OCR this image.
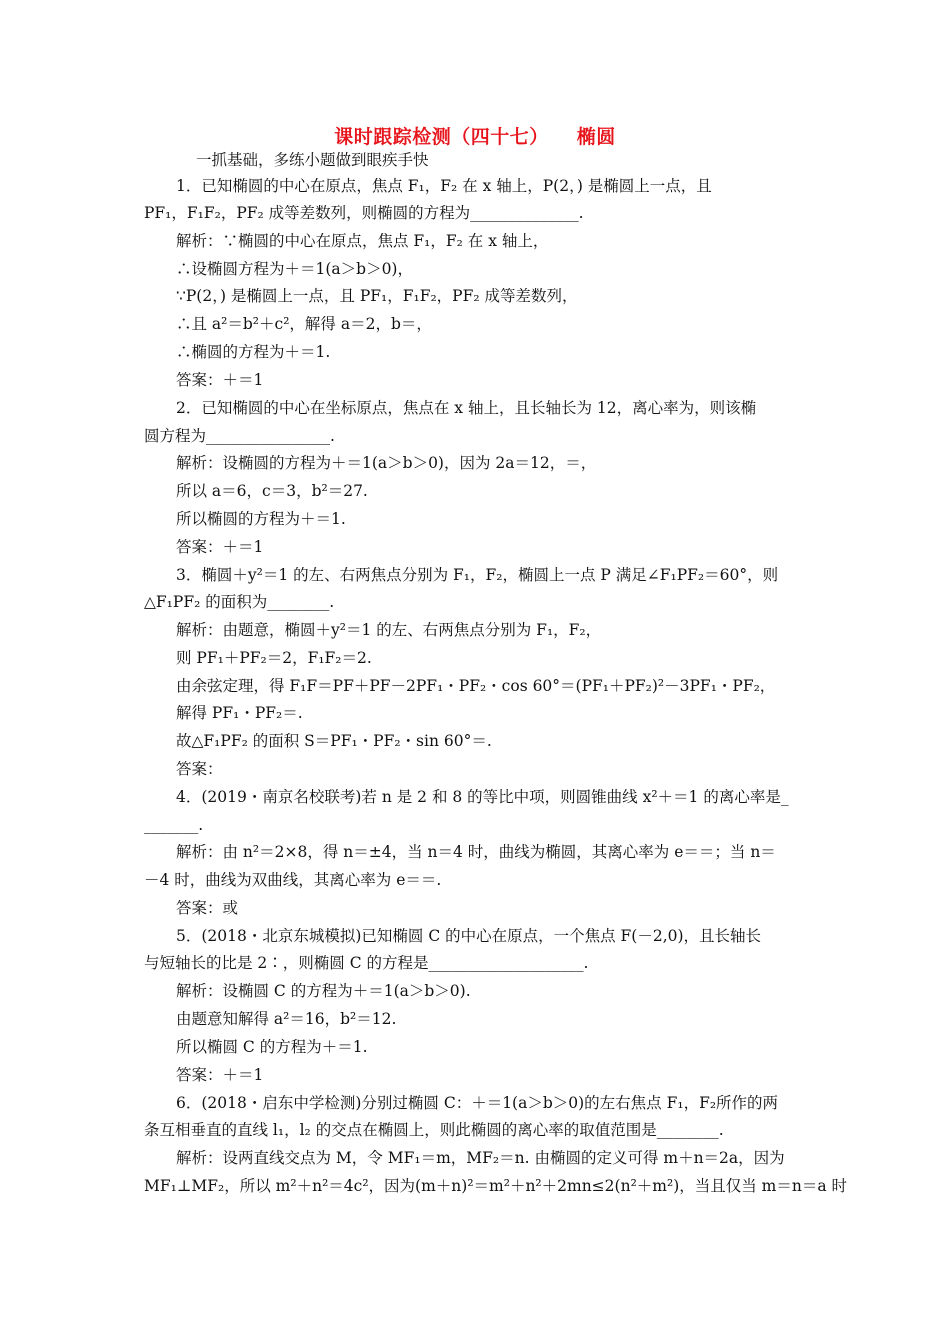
课时跟踪检测（四十七） 椭圆
一抓基础，多练小题做到眼疾手快
1．已知椭圆的中心在原点，焦点 F₁，F₂ 在 x 轴上，P(2，) 是椭圆上一点，且
PF₁，F₁F₂，PF₂ 成等差数列，则椭圆的方程为______________.
解析：∵椭圆的中心在原点，焦点 F₁，F₂ 在 x 轴上，
∴设椭圆方程为＋＝1(a＞b＞0)，
∵P(2，) 是椭圆上一点，且 PF₁，F₁F₂，PF₂ 成等差数列，
∴且 a²＝b²＋c²，解得 a＝2，b＝，
∴椭圆的方程为＋＝1.
答案：＋＝1
2．已知椭圆的中心在坐标原点，焦点在 x 轴上，且长轴长为 12，离心率为，则该椭
圆方程为________________.
解析：设椭圆的方程为＋＝1(a＞b＞0)，因为 2a＝12，＝，
所以 a＝6，c＝3，b²＝27.
所以椭圆的方程为＋＝1.
答案：＋＝1
3．椭圆＋y²＝1 的左、右两焦点分别为 F₁，F₂，椭圆上一点 P 满足∠F₁PF₂＝60°，则
△F₁PF₂ 的面积为________.
解析：由题意，椭圆＋y²＝1 的左、右两焦点分别为 F₁，F₂，
则 PF₁＋PF₂＝2，F₁F₂＝2.
由余弦定理，得 F₁F＝PF＋PF－2PF₁・PF₂・cos 60°＝(PF₁＋PF₂)²－3PF₁・PF₂，
解得 PF₁・PF₂＝.
故△F₁PF₂ 的面积 S＝PF₁・PF₂・sin 60°＝.
答案：
4．(2019・南京名校联考)若 n 是 2 和 8 的等比中项，则圆锥曲线 x²＋＝1 的离心率是_
_______.
解析：由 n²＝2×8，得 n＝±4，当 n＝4 时，曲线为椭圆，其离心率为 e＝＝；当 n＝
－4 时，曲线为双曲线，其离心率为 e＝＝.
答案：或
5．(2018・北京东城模拟)已知椭圆 C 的中心在原点，一个焦点 F(－2,0)，且长轴长
与短轴长的比是 2∶，则椭圆 C 的方程是____________________.
解析：设椭圆 C 的方程为＋＝1(a＞b＞0).
由题意知解得 a²＝16，b²＝12.
所以椭圆 C 的方程为＋＝1.
答案：＋＝1
6．(2018・启东中学检测)分别过椭圆 C：＋＝1(a＞b＞0)的左右焦点 F₁，F₂所作的两
条互相垂直的直线 l₁，l₂ 的交点在椭圆上，则此椭圆的离心率的取值范围是________.
解析：设两直线交点为 M，令 MF₁＝m，MF₂＝n. 由椭圆的定义可得 m＋n＝2a，因为
MF₁⊥MF₂，所以 m²＋n²＝4c²，因为(m＋n)²＝m²＋n²＋2mn≤2(n²＋m²)，当且仅当 m＝n＝a 时
